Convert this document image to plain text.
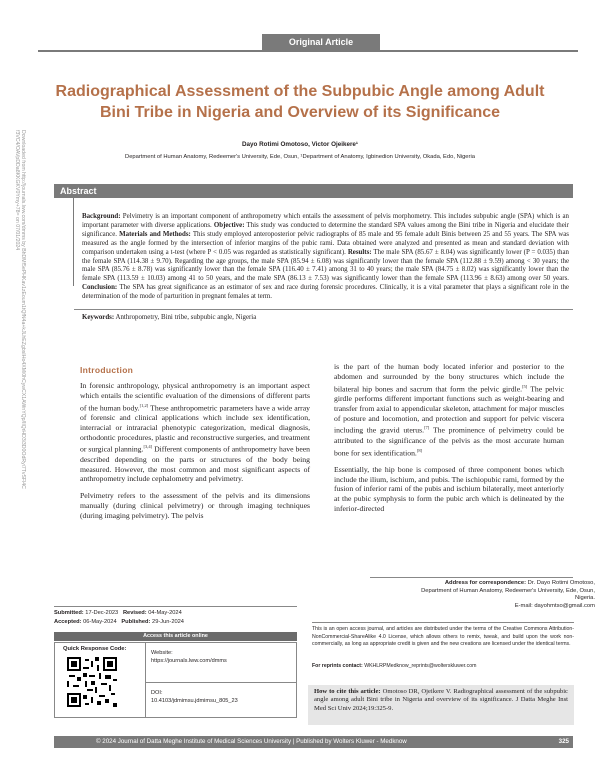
Original Article
Downloaded from http://journals.lww.com/dmms by BhDMf5ePHKav1zEoum1tQfN4a+kJLhEZgbsIHo4XMi0hCywCX1AWnYQp/IlQrHD3i3D0OdRyi7TvSFl4Cf3VC4/OAVpDDa8KKGKV0Ymy+78= on 07/01/2024
Radiographical Assessment of the Subpubic Angle among Adult Bini Tribe in Nigeria and Overview of its Significance
Dayo Rotimi Omotoso, Victor Ojeikere¹
Department of Human Anatomy, Redeemer's University, Ede, Osun, ¹Department of Anatomy, Igbinedion University, Okada, Edo, Nigeria
Abstract
Background: Pelvimetry is an important component of anthropometry which entails the assessment of pelvis morphometry. This includes subpubic angle (SPA) which is an important parameter with diverse applications. Objective: This study was conducted to determine the standard SPA values among the Bini tribe in Nigeria and elucidate their significance. Materials and Methods: This study employed anteroposterior pelvic radiographs of 85 male and 95 female adult Binis between 25 and 55 years. The SPA was measured as the angle formed by the intersection of inferior margins of the pubic rami. Data obtained were analyzed and presented as mean and standard deviation with comparison undertaken using a t-test (where P < 0.05 was regarded as statistically significant). Results: The male SPA (85.67 ± 8.04) was significantly lower (P = 0.035) than the female SPA (114.38 ± 9.70). Regarding the age groups, the male SPA (85.94 ± 6.08) was significantly lower than the female SPA (112.88 ± 9.59) among < 30 years; the male SPA (85.76 ± 8.78) was significantly lower than the female SPA (116.40 ± 7.41) among 31 to 40 years; the male SPA (84.75 ± 8.02) was significantly lower than the female SPA (113.59 ± 10.03) among 41 to 50 years, and the male SPA (86.13 ± 7.53) was significantly lower than the female SPA (113.96 ± 8.63) among over 50 years. Conclusion: The SPA has great significance as an estimator of sex and race during forensic procedures. Clinically, it is a vital parameter that plays a significant role in the determination of the mode of parturition in pregnant females at term.
Keywords: Anthropometry, Bini tribe, subpubic angle, Nigeria
Introduction

In forensic anthropology, physical anthropometry is an important aspect which entails the scientific evaluation of the dimensions of different parts of the human body.[1,2] These anthropometric parameters have a wide array of forensic and clinical applications which include sex identification, interracial or intraracial phenotypic categorization, medical diagnosis, orthodontic procedures, plastic and reconstructive surgeries, and treatment or surgical planning.[3,4] Different components of anthropometry have been described depending on the parts or structures of the body being measured. However, the most common and most significant aspects of anthropometry include cephalometry and pelvimetry.

Pelvimetry refers to the assessment of the pelvis and its dimensions manually (during clinical pelvimetry) or through imaging techniques (during imaging pelvimetry). The pelvis

is the part of the human body located inferior and posterior to the abdomen and surrounded by the bony structures which include the bilateral hip bones and sacrum that form the pelvic girdle.[5] The pelvic girdle performs different important functions such as weight-bearing and transfer from axial to appendicular skeleton, attachment for major muscles of posture and locomotion, and protection and support for pelvic viscera including the gravid uterus.[7] The prominence of pelvimetry could be attributed to the significance of the pelvis as the most accurate human bone for sex identification.[8]

Essentially, the hip bone is composed of three component bones which include the ilium, ischium, and pubis. The ischiopubic rami, formed by the fusion of inferior rami of the pubis and ischium bilaterally, meet anteriorly at the pubic symphysis to form the pubic arch which is delineated by the inferior-directed

Address for correspondence: Dr. Dayo Rotimi Omotoso,
Department of Human Anatomy, Redeemer's University, Ede, Osun, Nigeria.
E-mail: dayohmtso@gmail.com
Submitted: 17-Dec-2023 Revised: 04-May-2024
Accepted: 06-May-2024 Published: 29-Jun-2024
Access this article online
Quick Response Code:
Website:
https://journals.lww.com/dmms
DOI:
10.4103/jdmimsu.jdmimsu_805_23
This is an open access journal, and articles are distributed under the terms of the Creative Commons Attribution-NonCommercial-ShareAlike 4.0 License, which allows others to remix, tweak, and build upon the work non-commercially, as long as appropriate credit is given and the new creations are licensed under the identical terms.
For reprints contact: WKHLRPMedknow_reprints@wolterskluwer.com
How to cite this article: Omotoso DR, Ojeikere V. Radiographical assessment of the subpubic angle among adult Bini tribe in Nigeria and overview of its significance. J Datta Meghe Inst Med Sci Univ 2024;19:325-9.
© 2024 Journal of Datta Meghe Institute of Medical Sciences University | Published by Wolters Kluwer - Medknow	325
